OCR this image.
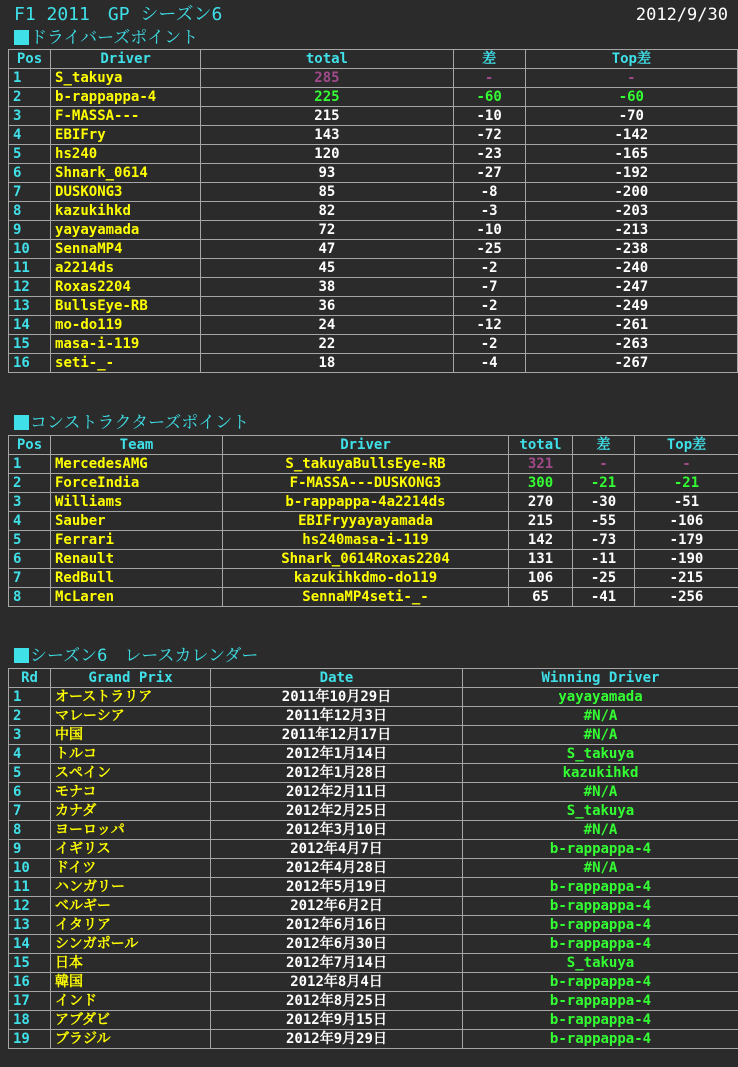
F1 2011　GP シーズン6	2012/9/30
ドライバーズポイント
Pos	Driver	total	差	Top差
1	S_takuya	285	-	-
2	b-rappappa-4	225	-60	-60
3	F-MASSA---	215	-10	-70
4	EBIFry	143	-72	-142
5	hs240	120	-23	-165
6	Shnark_0614	93	-27	-192
7	DUSKONG3	85	-8	-200
8	kazukihkd	82	-3	-203
9	yayayamada	72	-10	-213
10	SennaMP4	47	-25	-238
11	a2214ds	45	-2	-240
12	Roxas2204	38	-7	-247
13	BullsEye-RB	36	-2	-249
14	mo-do119	24	-12	-261
15	masa-i-119	22	-2	-263
16	seti-_-	18	-4	-267
コンストラクターズポイント
Pos	Team	Driver	total	差	Top差
1	MercedesAMG	S_takuyaBullsEye-RB	321	-	-
2	ForceIndia	F-MASSA---DUSKONG3	300	-21	-21
3	Williams	b-rappappa-4a2214ds	270	-30	-51
4	Sauber	EBIFryyayayamada	215	-55	-106
5	Ferrari	hs240masa-i-119	142	-73	-179
6	Renault	Shnark_0614Roxas2204	131	-11	-190
7	RedBull	kazukihkdmo-do119	106	-25	-215
8	McLaren	SennaMP4seti-_-	65	-41	-256
シーズン6　レースカレンダー
Rd	Grand Prix	Date	Winning Driver
1	オーストラリア	2011年10月29日	yayayamada
2	マレーシア	2011年12月3日	#N/A
3	中国	2011年12月17日	#N/A
4	トルコ	2012年1月14日	S_takuya
5	スペイン	2012年1月28日	kazukihkd
6	モナコ	2012年2月11日	#N/A
7	カナダ	2012年2月25日	S_takuya
8	ヨーロッパ	2012年3月10日	#N/A
9	イギリス	2012年4月7日	b-rappappa-4
10	ドイツ	2012年4月28日	#N/A
11	ハンガリー	2012年5月19日	b-rappappa-4
12	ベルギー	2012年6月2日	b-rappappa-4
13	イタリア	2012年6月16日	b-rappappa-4
14	シンガポール	2012年6月30日	b-rappappa-4
15	日本	2012年7月14日	S_takuya
16	韓国	2012年8月4日	b-rappappa-4
17	インド	2012年8月25日	b-rappappa-4
18	アブダビ	2012年9月15日	b-rappappa-4
19	ブラジル	2012年9月29日	b-rappappa-4
